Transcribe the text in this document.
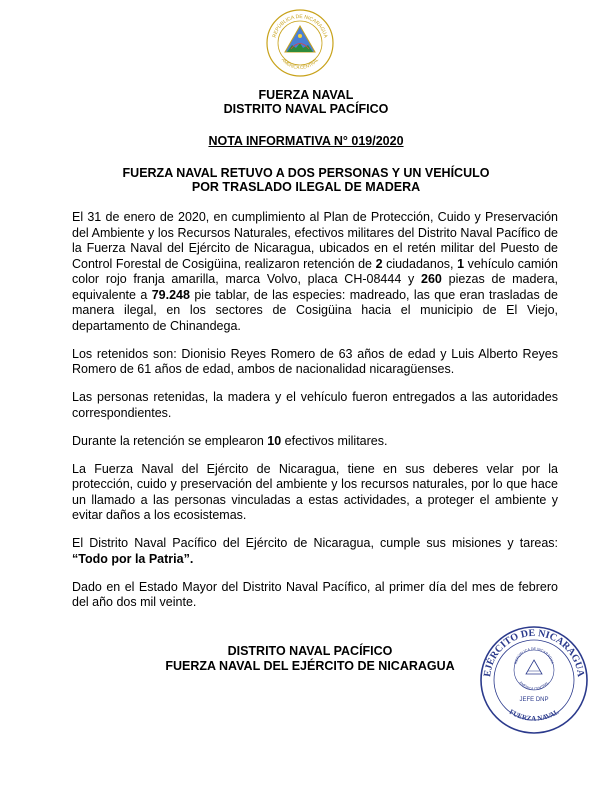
REPÚBLICA DE NICARAGUA
AMÉRICA CENTRAL
FUERZA NAVAL
DISTRITO NAVAL PACÍFICO
NOTA INFORMATIVA N° 019/2020
FUERZA NAVAL RETUVO A DOS PERSONAS Y UN VEHÍCULO
POR TRASLADO ILEGAL DE MADERA

El 31 de enero de 2020, en cumplimiento al Plan de Protección, Cuido y Preservación del Ambiente y los Recursos Naturales, efectivos militares del Distrito Naval Pacífico de la Fuerza Naval del Ejército de Nicaragua, ubicados en el retén militar del Puesto de Control Forestal de Cosigüina, realizaron retención de 2 ciudadanos, 1 vehículo camión color rojo franja amarilla, marca Volvo, placa CH-08444 y 260 piezas de madera, equivalente a 79.248 pie tablar, de las especies: madreado, las que eran trasladas de manera ilegal, en los sectores de Cosigüina hacia el municipio de El Viejo, departamento de Chinandega.

Los retenidos son: Dionisio Reyes Romero de 63 años de edad y Luis Alberto Reyes Romero de 61 años de edad, ambos de nacionalidad nicaragüenses.

Las personas retenidas, la madera y el vehículo fueron entregados a las autoridades correspondientes.

Durante la retención se emplearon 10 efectivos militares.

La Fuerza Naval del Ejército de Nicaragua, tiene en sus deberes velar por la protección, cuido y preservación del ambiente y los recursos naturales, por lo que hace un llamado a las personas vinculadas a estas actividades, a proteger el ambiente y evitar daños a los ecosistemas.

El Distrito Naval Pacífico del Ejército de Nicaragua, cumple sus misiones y tareas: “Todo por la Patria”.

Dado en el Estado Mayor del Distrito Naval Pacífico, al primer día del mes de febrero del año dos mil veinte.

DISTRITO NAVAL PACÍFICO
FUERZA NAVAL DEL EJÉRCITO DE NICARAGUA
EJÉRCITO DE NICARAGUA
REPÚBLICA DE NICARAGUA
AMÉRICA CENTRAL
JEFE DNP
FUERZA NAVAL
